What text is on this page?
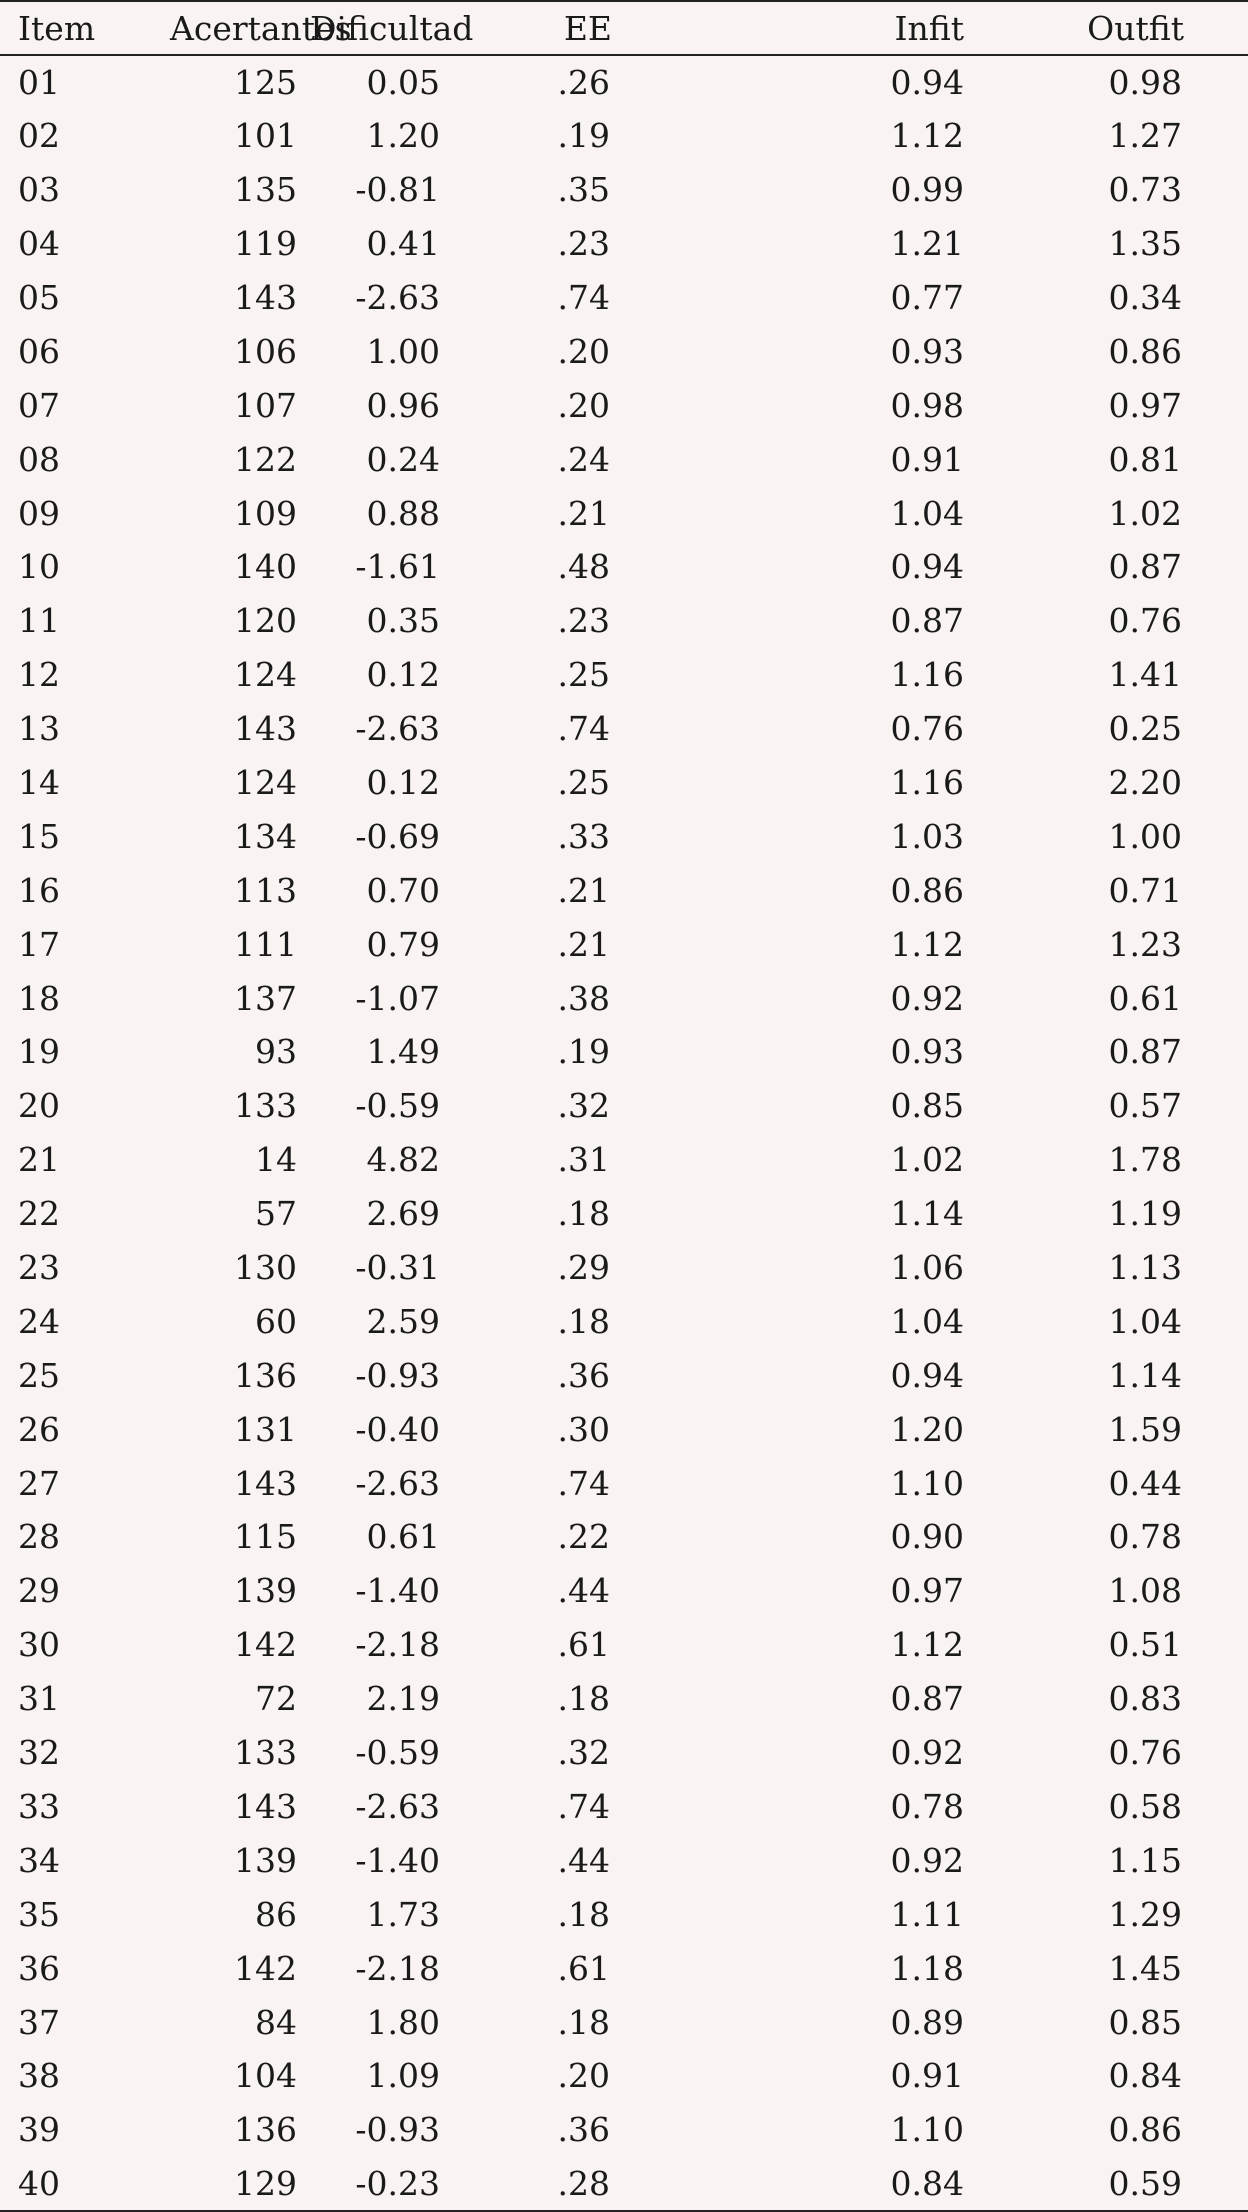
Item	Acertantes	Dificultad	EE	Infit	Outfit
01	125	0.05	.26	0.94	0.98
02	101	1.20	.19	1.12	1.27
03	135	-0.81	.35	0.99	0.73
04	119	0.41	.23	1.21	1.35
05	143	-2.63	.74	0.77	0.34
06	106	1.00	.20	0.93	0.86
07	107	0.96	.20	0.98	0.97
08	122	0.24	.24	0.91	0.81
09	109	0.88	.21	1.04	1.02
10	140	-1.61	.48	0.94	0.87
11	120	0.35	.23	0.87	0.76
12	124	0.12	.25	1.16	1.41
13	143	-2.63	.74	0.76	0.25
14	124	0.12	.25	1.16	2.20
15	134	-0.69	.33	1.03	1.00
16	113	0.70	.21	0.86	0.71
17	111	0.79	.21	1.12	1.23
18	137	-1.07	.38	0.92	0.61
19	93	1.49	.19	0.93	0.87
20	133	-0.59	.32	0.85	0.57
21	14	4.82	.31	1.02	1.78
22	57	2.69	.18	1.14	1.19
23	130	-0.31	.29	1.06	1.13
24	60	2.59	.18	1.04	1.04
25	136	-0.93	.36	0.94	1.14
26	131	-0.40	.30	1.20	1.59
27	143	-2.63	.74	1.10	0.44
28	115	0.61	.22	0.90	0.78
29	139	-1.40	.44	0.97	1.08
30	142	-2.18	.61	1.12	0.51
31	72	2.19	.18	0.87	0.83
32	133	-0.59	.32	0.92	0.76
33	143	-2.63	.74	0.78	0.58
34	139	-1.40	.44	0.92	1.15
35	86	1.73	.18	1.11	1.29
36	142	-2.18	.61	1.18	1.45
37	84	1.80	.18	0.89	0.85
38	104	1.09	.20	0.91	0.84
39	136	-0.93	.36	1.10	0.86
40	129	-0.23	.28	0.84	0.59
